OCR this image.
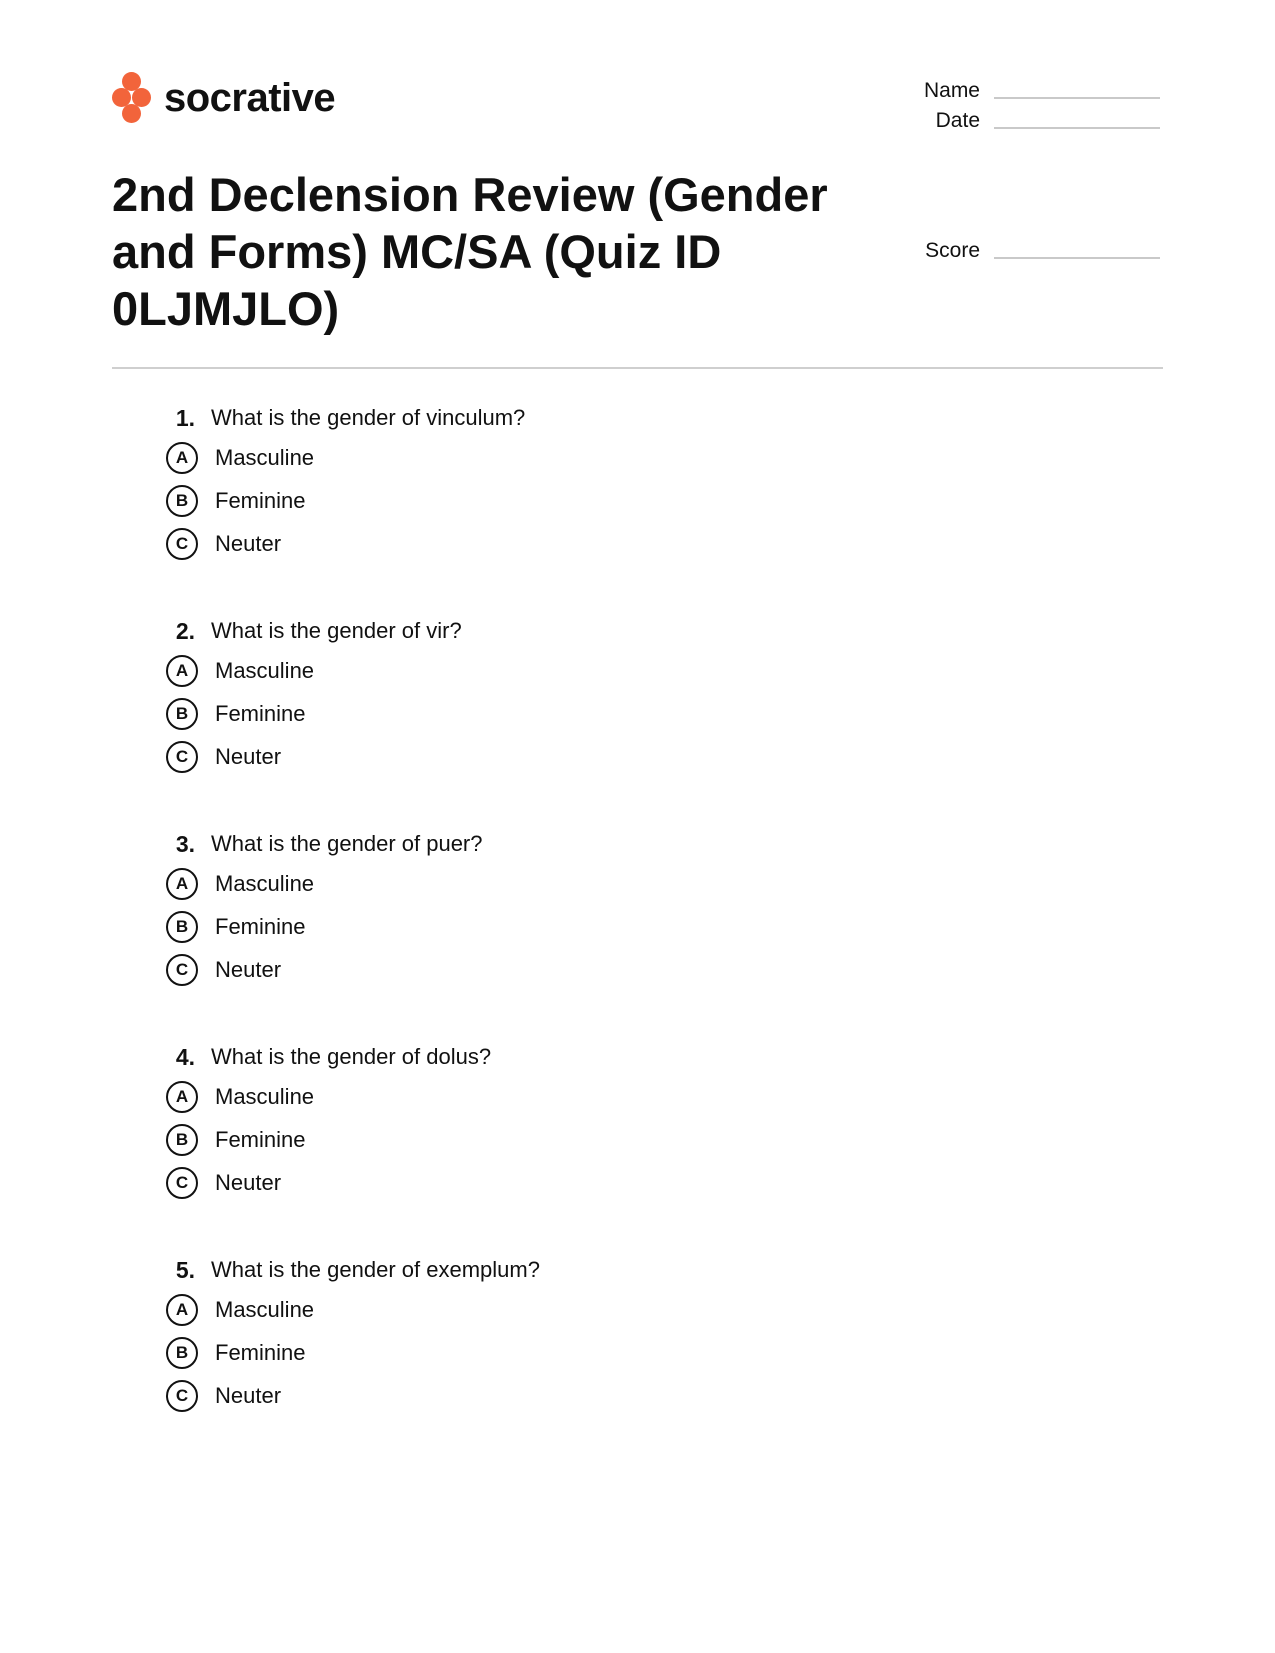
socrative	Name
Date
Score
2nd Declension Review (Gender and Forms) MC/SA (Quiz ID 0LJMJLO)
1. What is the gender of vinculum?
A	Masculine
B	Feminine
C	Neuter
2. What is the gender of vir?
A	Masculine
B	Feminine
C	Neuter
3. What is the gender of puer?
A	Masculine
B	Feminine
C	Neuter
4. What is the gender of dolus?
A	Masculine
B	Feminine
C	Neuter
5. What is the gender of exemplum?
A	Masculine
B	Feminine
C	Neuter
